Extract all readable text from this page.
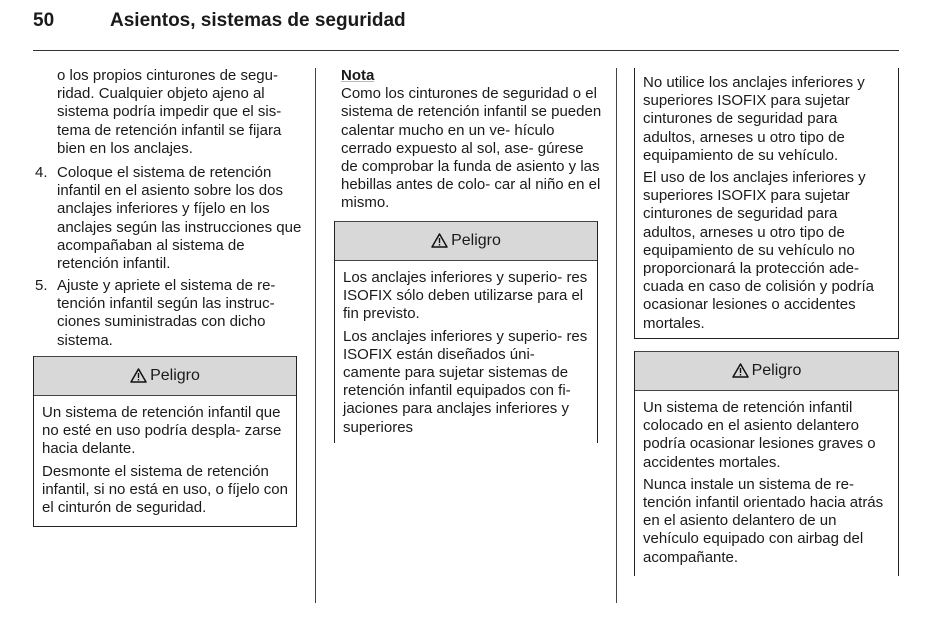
50	Asientos, sistemas de seguridad
o los propios cinturones de segu- ridad. Cualquier objeto ajeno al sistema podría impedir que el sis- tema de retención infantil se fijara bien en los anclajes.
4. Coloque el sistema de retención infantil en el asiento sobre los dos anclajes inferiores y fíjelo en los anclajes según las instrucciones que acompañaban al sistema de retención infantil.
5. Ajuste y apriete el sistema de re- tención infantil según las instruc- ciones suministradas con dicho sistema.
Peligro

Un sistema de retención infantil que no esté en uso podría despla- zarse hacia delante.

Desmonte el sistema de retención infantil, si no está en uso, o fíjelo con el cinturón de seguridad.

Nota
Como los cinturones de seguridad o el sistema de retención infantil se pueden calentar mucho en un ve- hículo cerrado expuesto al sol, ase- gúrese de comprobar la funda de asiento y las hebillas antes de colo- car al niño en el mismo.
Peligro

Los anclajes inferiores y superio- res ISOFIX sólo deben utilizarse para el fin previsto.

Los anclajes inferiores y superio- res ISOFIX están diseñados úni- camente para sujetar sistemas de retención infantil equipados con fi- jaciones para anclajes inferiores y superiores

No utilice los anclajes inferiores y superiores ISOFIX para sujetar cinturones de seguridad para adultos, arneses u otro tipo de equipamiento de su vehículo.

El uso de los anclajes inferiores y superiores ISOFIX para sujetar cinturones de seguridad para adultos, arneses u otro tipo de equipamiento de su vehículo no proporcionará la protección ade- cuada en caso de colisión y podría ocasionar lesiones o accidentes mortales.

Peligro

Un sistema de retención infantil colocado en el asiento delantero podría ocasionar lesiones graves o accidentes mortales.

Nunca instale un sistema de re- tención infantil orientado hacia atrás en el asiento delantero de un vehículo equipado con airbag del acompañante.
